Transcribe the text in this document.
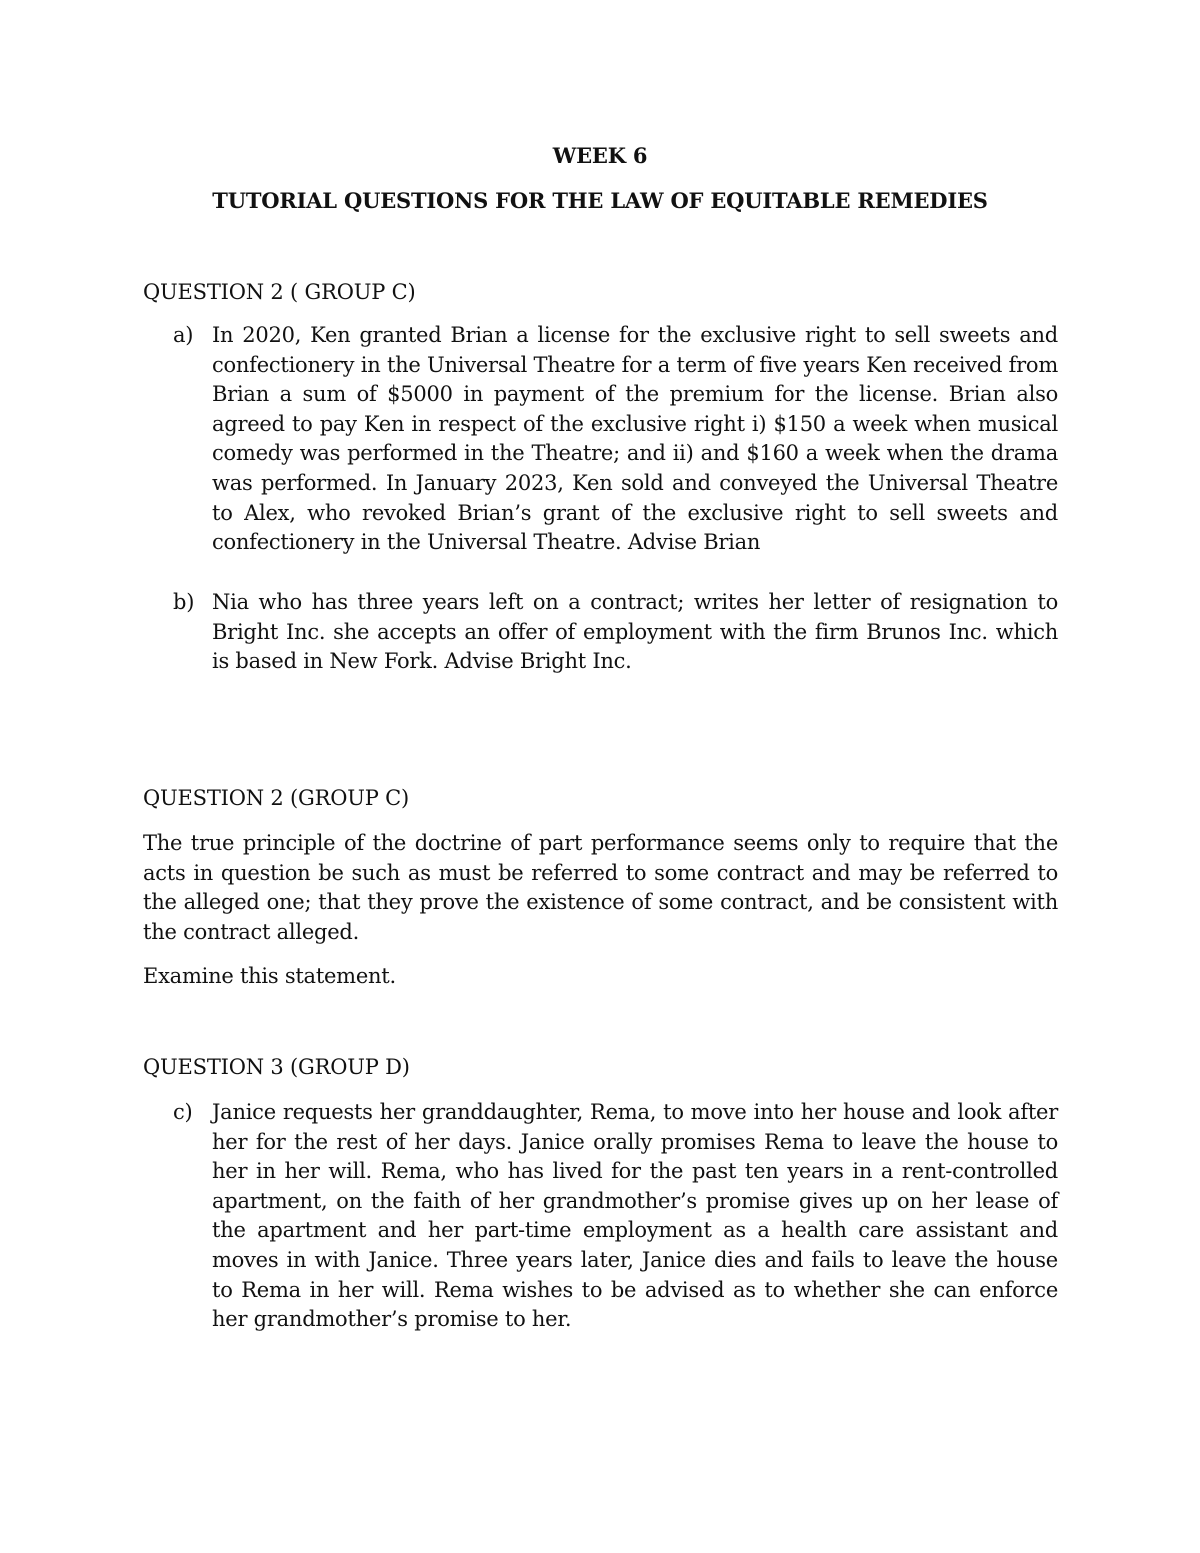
WEEK 6
TUTORIAL QUESTIONS FOR THE LAW OF EQUITABLE REMEDIES
QUESTION 2 ( GROUP C)
a) In 2020, Ken granted Brian a license for the exclusive right to sell sweets and confectionery in the Universal Theatre for a term of five years Ken received from Brian a sum of $5000 in payment of the premium for the license. Brian also agreed to pay Ken in respect of the exclusive right i) $150 a week when musical comedy was performed in the Theatre; and ii) and $160 a week when the drama was performed. In January 2023, Ken sold and conveyed the Universal Theatre to Alex, who revoked Brian’s grant of the exclusive right to sell sweets and confectionery in the Universal Theatre. Advise Brian
b) Nia who has three years left on a contract; writes her letter of resignation to Bright Inc. she accepts an offer of employment with the firm Brunos Inc. which is based in New Fork. Advise Bright Inc.
QUESTION 2 (GROUP C)
The true principle of the doctrine of part performance seems only to require that the acts in question be such as must be referred to some contract and may be referred to the alleged one; that they prove the existence of some contract, and be consistent with the contract alleged.
Examine this statement.
QUESTION 3 (GROUP D)
c) Janice requests her granddaughter, Rema, to move into her house and look after her for the rest of her days. Janice orally promises Rema to leave the house to her in her will. Rema, who has lived for the past ten years in a rent-controlled apartment, on the faith of her grandmother’s promise gives up on her lease of the apartment and her part-time employment as a health care assistant and moves in with Janice. Three years later, Janice dies and fails to leave the house to Rema in her will. Rema wishes to be advised as to whether she can enforce her grandmother’s promise to her.
